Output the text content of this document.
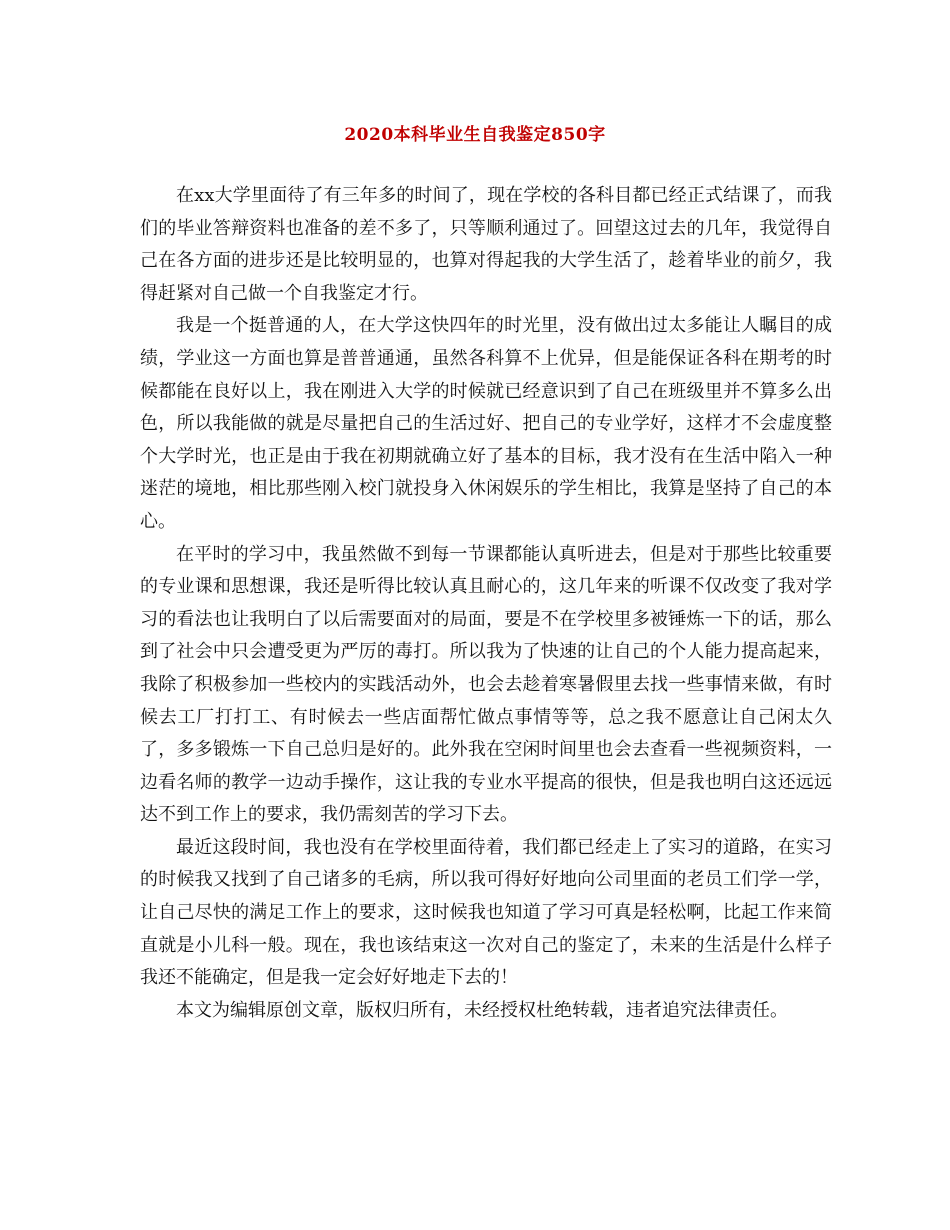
2020本科毕业生自我鉴定850字

在xx大学里面待了有三年多的时间了，现在学校的各科目都已经正式结课了，而我们的毕业答辩资料也准备的差不多了，只等顺利通过了。回望这过去的几年，我觉得自己在各方面的进步还是比较明显的，也算对得起我的大学生活了，趁着毕业的前夕，我得赶紧对自己做一个自我鉴定才行。

我是一个挺普通的人，在大学这快四年的时光里，没有做出过太多能让人瞩目的成绩，学业这一方面也算是普普通通，虽然各科算不上优异，但是能保证各科在期考的时候都能在良好以上，我在刚进入大学的时候就已经意识到了自己在班级里并不算多么出色，所以我能做的就是尽量把自己的生活过好、把自己的专业学好，这样才不会虚度整个大学时光，也正是由于我在初期就确立好了基本的目标，我才没有在生活中陷入一种迷茫的境地，相比那些刚入校门就投身入休闲娱乐的学生相比，我算是坚持了自己的本心。

在平时的学习中，我虽然做不到每一节课都能认真听进去，但是对于那些比较重要的专业课和思想课，我还是听得比较认真且耐心的，这几年来的听课不仅改变了我对学习的看法也让我明白了以后需要面对的局面，要是不在学校里多被锤炼一下的话，那么到了社会中只会遭受更为严厉的毒打。所以我为了快速的让自己的个人能力提高起来，我除了积极参加一些校内的实践活动外，也会去趁着寒暑假里去找一些事情来做，有时候去工厂打打工、有时候去一些店面帮忙做点事情等等，总之我不愿意让自己闲太久了，多多锻炼一下自己总归是好的。此外我在空闲时间里也会去查看一些视频资料，一边看名师的教学一边动手操作，这让我的专业水平提高的很快，但是我也明白这还远远达不到工作上的要求，我仍需刻苦的学习下去。

最近这段时间，我也没有在学校里面待着，我们都已经走上了实习的道路，在实习的时候我又找到了自己诸多的毛病，所以我可得好好地向公司里面的老员工们学一学，让自己尽快的满足工作上的要求，这时候我也知道了学习可真是轻松啊，比起工作来简直就是小儿科一般。现在，我也该结束这一次对自己的鉴定了，未来的生活是什么样子我还不能确定，但是我一定会好好地走下去的！

本文为编辑原创文章，版权归所有，未经授权杜绝转载，违者追究法律责任。
